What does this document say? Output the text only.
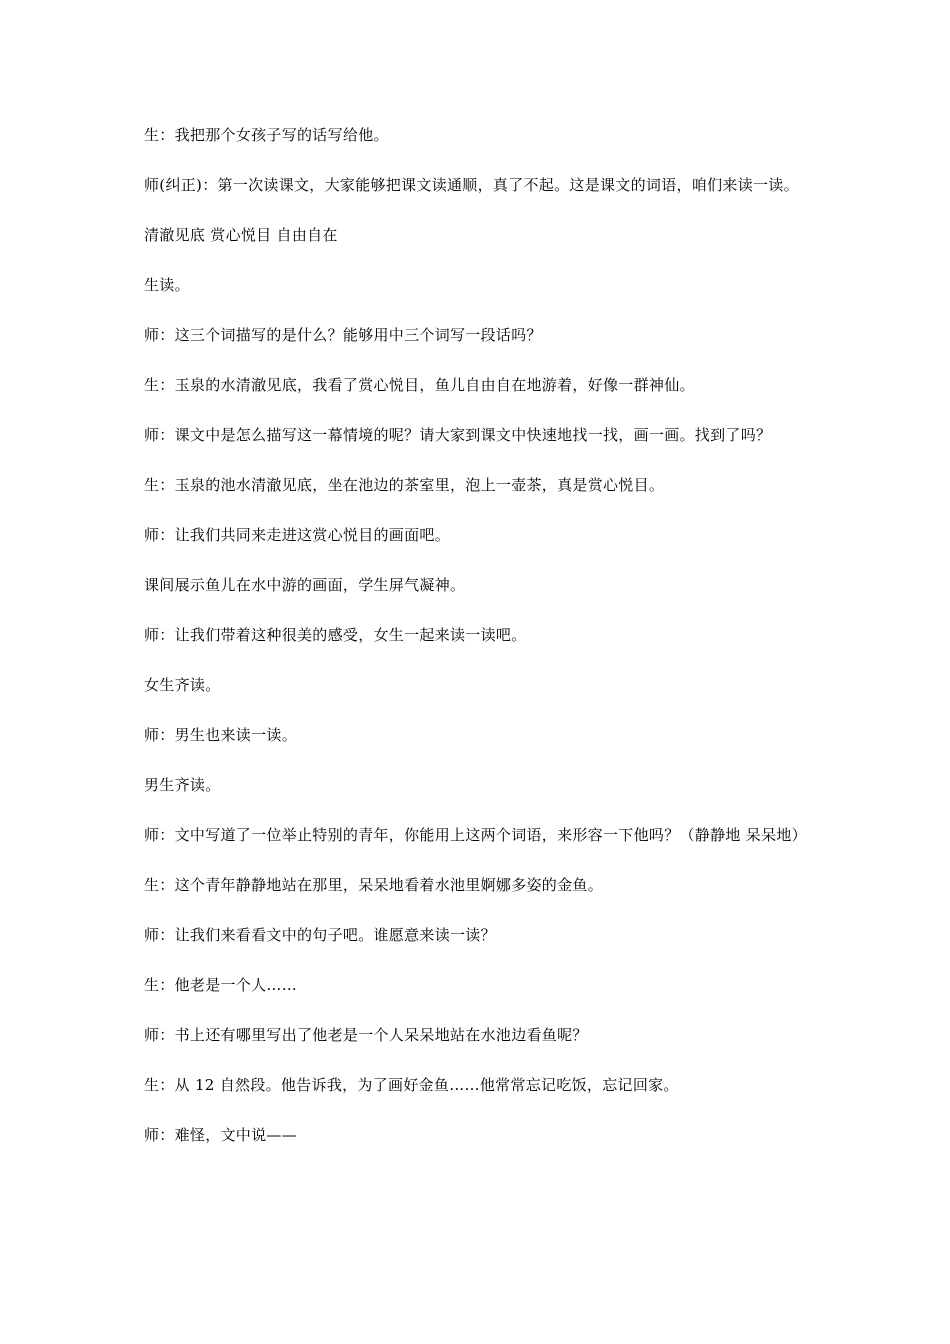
生：我把那个女孩子写的话写给他。

师(纠正)：第一次读课文，大家能够把课文读通顺，真了不起。这是课文的词语，咱们来读一读。

清澈见底 赏心悦目 自由自在

生读。

师：这三个词描写的是什么？能够用中三个词写一段话吗？

生：玉泉的水清澈见底，我看了赏心悦目，鱼儿自由自在地游着，好像一群神仙。

师：课文中是怎么描写这一幕情境的呢？请大家到课文中快速地找一找，画一画。找到了吗？

生：玉泉的池水清澈见底，坐在池边的茶室里，泡上一壶茶，真是赏心悦目。

师：让我们共同来走进这赏心悦目的画面吧。

课间展示鱼儿在水中游的画面，学生屏气凝神。

师：让我们带着这种很美的感受，女生一起来读一读吧。

女生齐读。

师：男生也来读一读。

男生齐读。

师：文中写道了一位举止特别的青年，你能用上这两个词语，来形容一下他吗？（静静地 呆呆地）

生：这个青年静静地站在那里，呆呆地看着水池里婀娜多姿的金鱼。

师：让我们来看看文中的句子吧。谁愿意来读一读？

生：他老是一个人……

师：书上还有哪里写出了他老是一个人呆呆地站在水池边看鱼呢？

生：从 12 自然段。他告诉我，为了画好金鱼……他常常忘记吃饭，忘记回家。

师：难怪，文中说——
